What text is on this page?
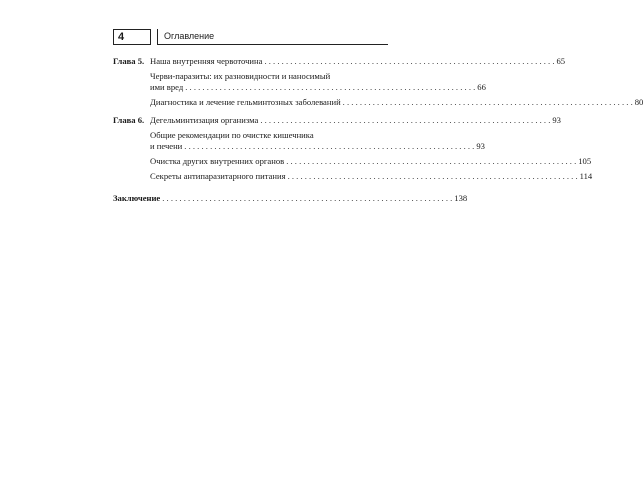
4	Оглавление
Глава 5. Наша внутренняя червоточина . . .	65
Черви-паразиты: их разновидности и наносимый
ими вред . . .	66
Диагностика и лечение гельминтозных заболеваний . . .	80
Глава 6. Дегельминтизация организма . . .	93
Общие рекомендации по очистке кишечника
и печени . . .	93
Очистка других внутренних органов . . .	105
Секреты антипаразитарного питания . . .	114
Заключение . . .	138
